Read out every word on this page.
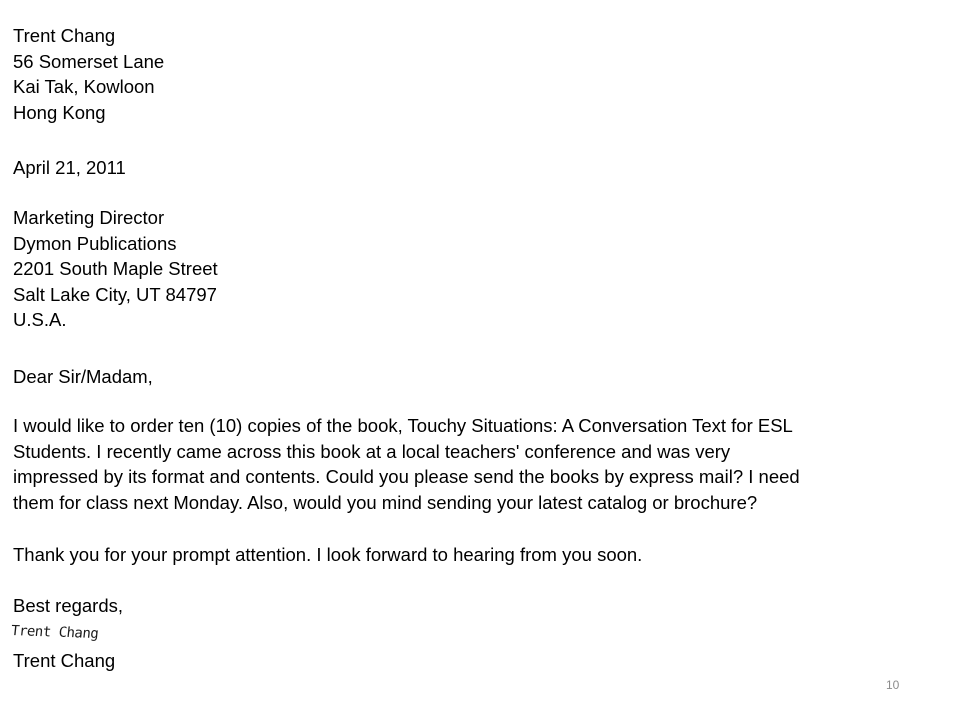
Trent Chang
56 Somerset Lane
Kai Tak, Kowloon
Hong Kong
April 21, 2011
Marketing Director
Dymon Publications
2201 South Maple Street
Salt Lake City, UT 84797
U.S.A.
Dear Sir/Madam,
I would like to order ten (10) copies of the book, Touchy Situations: A Conversation Text for ESL
Students. I recently came across this book at a local teachers' conference and was very
impressed by its format and contents. Could you please send the books by express mail? I need
them for class next Monday. Also, would you mind sending your latest catalog or brochure?
Thank you for your prompt attention. I look forward to hearing from you soon.
Best regards,
Trent Chang
Trent Chang
10
